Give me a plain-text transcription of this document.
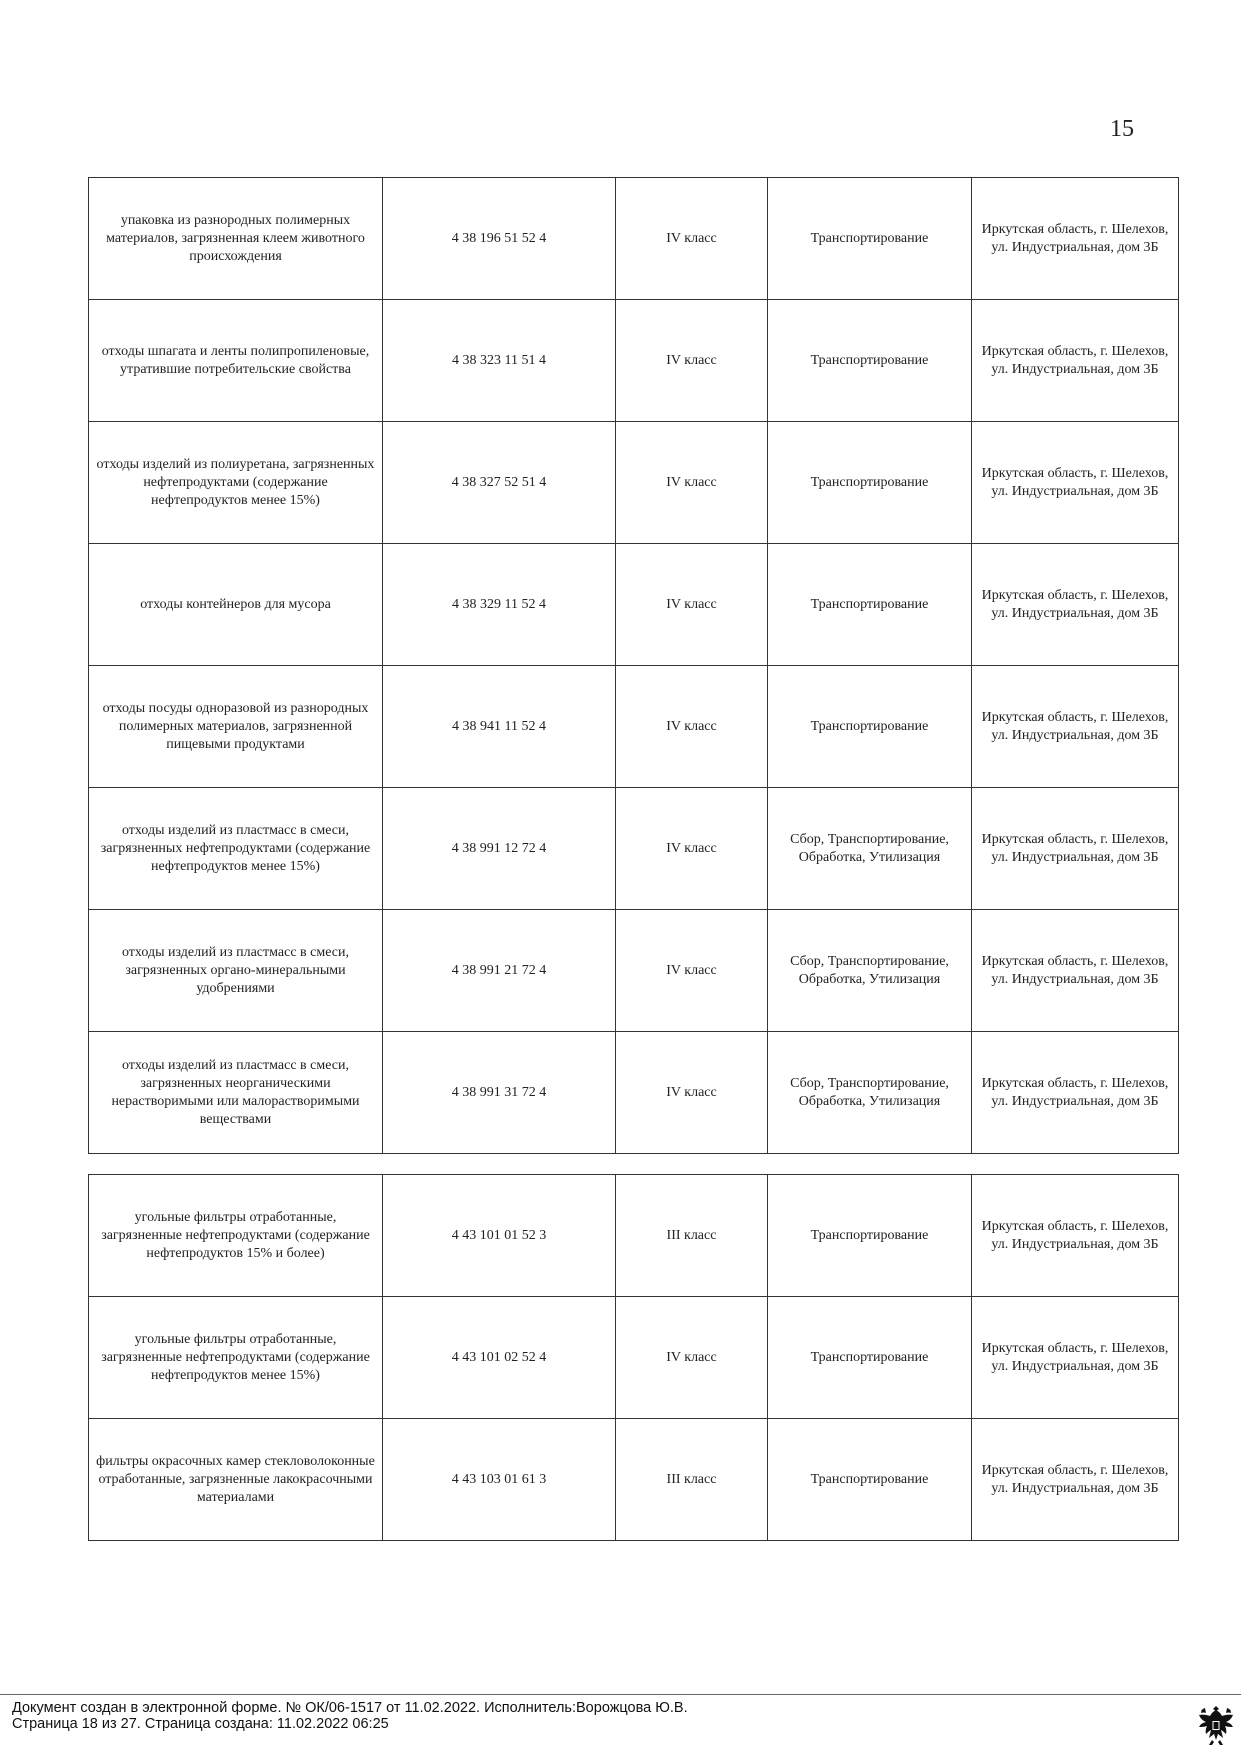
15
упаковка из разнородных полимерных материалов, загрязненная клеем животного происхождения	4 38 196 51 52 4	IV класс	Транспортирование	Иркутская область, г. Шелехов, ул. Индустриальная, дом 3Б
отходы шпагата и ленты полипропиленовые, утратившие потребительские свойства	4 38 323 11 51 4	IV класс	Транспортирование	Иркутская область, г. Шелехов, ул. Индустриальная, дом 3Б
отходы изделий из полиуретана, загрязненных нефтепродуктами (содержание нефтепродуктов менее 15%)	4 38 327 52 51 4	IV класс	Транспортирование	Иркутская область, г. Шелехов, ул. Индустриальная, дом 3Б
отходы контейнеров для мусора	4 38 329 11 52 4	IV класс	Транспортирование	Иркутская область, г. Шелехов, ул. Индустриальная, дом 3Б
отходы посуды одноразовой из разнородных полимерных материалов, загрязненной пищевыми продуктами	4 38 941 11 52 4	IV класс	Транспортирование	Иркутская область, г. Шелехов, ул. Индустриальная, дом 3Б
отходы изделий из пластмасс в смеси, загрязненных нефтепродуктами (содержание нефтепродуктов менее 15%)	4 38 991 12 72 4	IV класс	Сбор, Транспортирование, Обработка, Утилизация	Иркутская область, г. Шелехов, ул. Индустриальная, дом 3Б
отходы изделий из пластмасс в смеси, загрязненных органо-минеральными удобрениями	4 38 991 21 72 4	IV класс	Сбор, Транспортирование, Обработка, Утилизация	Иркутская область, г. Шелехов, ул. Индустриальная, дом 3Б
отходы изделий из пластмасс в смеси, загрязненных неорганическими нерастворимыми или малорастворимыми веществами	4 38 991 31 72 4	IV класс	Сбор, Транспортирование, Обработка, Утилизация	Иркутская область, г. Шелехов, ул. Индустриальная, дом 3Б
угольные фильтры отработанные, загрязненные нефтепродуктами (содержание нефтепродуктов 15% и более)	4 43 101 01 52 3	III класс	Транспортирование	Иркутская область, г. Шелехов, ул. Индустриальная, дом 3Б
угольные фильтры отработанные, загрязненные нефтепродуктами (содержание нефтепродуктов менее 15%)	4 43 101 02 52 4	IV класс	Транспортирование	Иркутская область, г. Шелехов, ул. Индустриальная, дом 3Б
фильтры окрасочных камер стекловолоконные отработанные, загрязненные лакокрасочными материалами	4 43 103 01 61 3	III класс	Транспортирование	Иркутская область, г. Шелехов, ул. Индустриальная, дом 3Б
Документ создан в электронной форме. № ОК/06-1517 от 11.02.2022. Исполнитель:Ворожцова Ю.В.
Страница 18 из 27. Страница создана: 11.02.2022 06:25
